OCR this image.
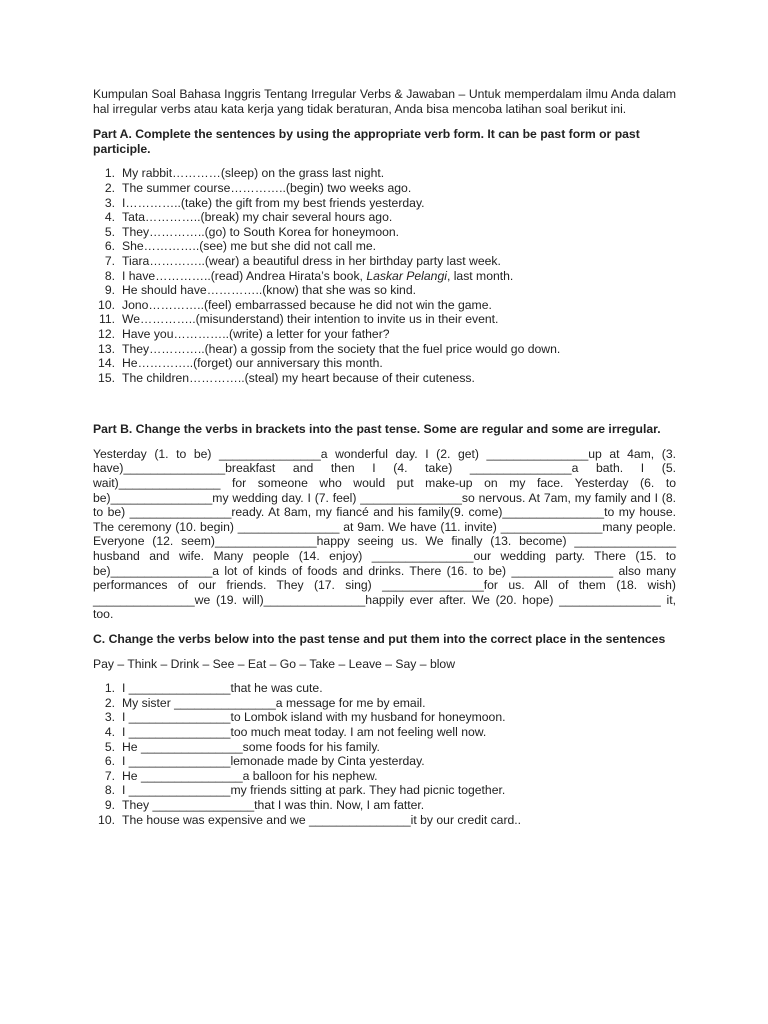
Kumpulan Soal Bahasa Inggris Tentang Irregular Verbs & Jawaban – Untuk memperdalam ilmu Anda dalam hal irregular verbs atau kata kerja yang tidak beraturan, Anda bisa mencoba latihan soal berikut ini.

Part A. Complete the sentences by using the appropriate verb form. It can be past form or past participle.

1. My rabbit…………(sleep) on the grass last night.
2. The summer course…………..(begin) two weeks ago.
3. I…………..(take) the gift from my best friends yesterday.
4. Tata…………..(break) my chair several hours ago.
5. They…………..(go) to South Korea for honeymoon.
6. She…………..(see) me but she did not call me.
7. Tiara…………..(wear) a beautiful dress in her birthday party last week.
8. I have…………..(read) Andrea Hirata’s book, Laskar Pelangi, last month.
9. He should have…………..(know) that she was so kind.
10. Jono…………..(feel) embarrassed because he did not win the game.
11. We…………..(misunderstand) their intention to invite us in their event.
12. Have you…………..(write) a letter for your father?
13. They…………..(hear) a gossip from the society that the fuel price would go down.
14. He…………..(forget) our anniversary this month.
15. The children…………..(steal) my heart because of their cuteness.

Part B. Change the verbs in brackets into the past tense. Some are regular and some are irregular.

Yesterday (1. to be) _______________a wonderful day. I (2. get) _______________up at 4am, (3. have)_______________breakfast and then I (4. take) _______________a bath. I (5. wait)_______________ for someone who would put make-up on my face. Yesterday (6. to be)_______________my wedding day. I (7. feel) _______________so nervous. At 7am, my family and I (8. to be) _______________ready. At 8am, my fiancé and his family(9. come)_______________to my house. The ceremony (10. begin) _______________ at 9am. We have (11. invite) _______________many people. Everyone (12. seem)_______________happy seeing us. We finally (13. become) _______________ husband and wife. Many people (14. enjoy) _______________our wedding party. There (15. to be)_______________a lot of kinds of foods and drinks. There (16. to be) _______________ also many performances of our friends. They (17. sing) _______________for us. All of them (18. wish) _______________we (19. will)_______________happily ever after. We (20. hope) _______________ it, too.

C. Change the verbs below into the past tense and put them into the correct place in the sentences

Pay – Think – Drink – See – Eat – Go – Take – Leave – Say – blow

1. I _______________that he was cute.
2. My sister _______________a message for me by email.
3. I _______________to Lombok island with my husband for honeymoon.
4. I _______________too much meat today. I am not feeling well now.
5. He _______________some foods for his family.
6. I _______________lemonade made by Cinta yesterday.
7. He _______________a balloon for his nephew.
8. I _______________my friends sitting at park. They had picnic together.
9. They _______________that I was thin. Now, I am fatter.
10. The house was expensive and we _______________it by our credit card..
